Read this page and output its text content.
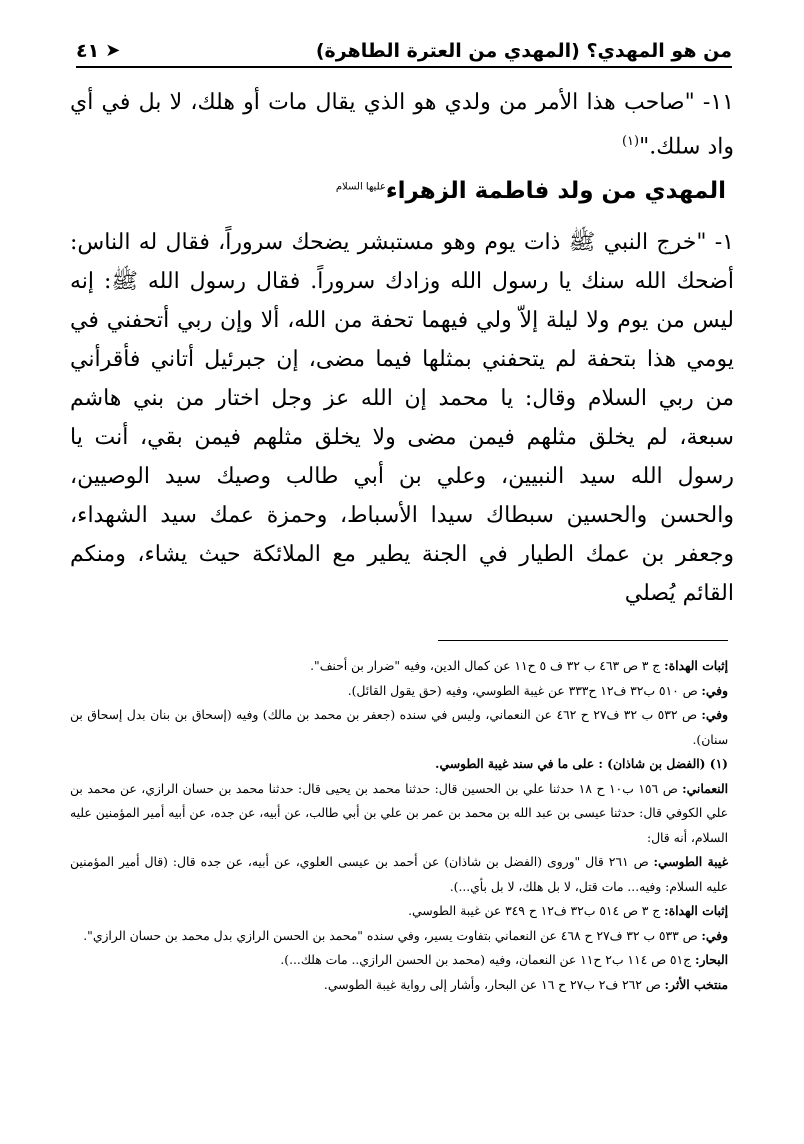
من هو المهدي؟ (المهدي من العترة الطاهرة)
➤
٤١

١١- "صاحب هذا الأمر من ولدي هو الذي يقال مات أو هلك، لا بل في أي واد سلك."$^{(١)}$

المهدي من ولد فاطمة الزهراء$^{عليها السلام}$

١- "خرج النبي ﷺ ذات يوم وهو مستبشر يضحك سروراً، فقال له الناس: أضحك الله سنك يا رسول الله وزادك سروراً. فقال رسول الله ﷺ: إنه ليس من يوم ولا ليلة إلاّ ولي فيهما تحفة من الله، ألا وإن ربي أتحفني في يومي هذا بتحفة لم يتحفني بمثلها فيما مضى، إن جبرئيل أتاني فأقرأني من ربي السلام وقال: يا محمد إن الله عز وجل اختار من بني هاشم سبعة، لم يخلق مثلهم فيمن مضى ولا يخلق مثلهم فيمن بقي، أنت يا رسول الله سيد النبيين، وعلي بن أبي طالب وصيك سيد الوصيين، والحسن والحسين سبطاك سيدا الأسباط، وحمزة عمك سيد الشهداء، وجعفر بن عمك الطيار في الجنة يطير مع الملائكة حيث يشاء، ومنكم القائم يُصلي

إثبات الهداة: ج ٣ ص ٤٦٣ ب ٣٢ ف ٥ ح١١ عن كمال الدين، وفيه "ضرار بن أحنف".

وفي: ص ٥١٠ ب٣٢ ف١٢ ح٣٣٣ عن غيبة الطوسي، وفيه (حق يقول القائل).

وفي: ص ٥٣٢ ب ٣٢ ف٢٧ ح ٤٦٢ عن النعماني، وليس في سنده (جعفر بن محمد بن مالك) وفيه (إسحاق بن بنان بدل إسحاق بن سنان).

(١) (الفضل بن شاذان) : على ما في سند غيبة الطوسي.

النعماني: ص ١٥٦ ب١٠ ح ١٨ حدثنا علي بن الحسين قال: حدثنا محمد بن يحيى قال: حدثنا محمد بن حسان الرازي، عن محمد بن علي الكوفي قال: حدثنا عيسى بن عبد الله بن محمد بن عمر بن علي بن أبي طالب، عن أبيه، عن جده، عن أبيه أمير المؤمنين عليه السلام، أنه قال:

غيبة الطوسي: ص ٢٦١ قال "وروى (الفضل بن شاذان) عن أحمد بن عيسى العلوي، عن أبيه، عن جده قال: (قال أمير المؤمنين عليه السلام: وفيه... مات قتل، لا بل هلك، لا بل بأي...).

إثبات الهداة: ج ٣ ص ٥١٤ ب٣٢ ف١٢ ح ٣٤٩ عن غيبة الطوسي.

وفي: ص ٥٣٣ ب ٣٢ ف٢٧ ح ٤٦٨ عن النعماني بتفاوت يسير، وفي سنده "محمد بن الحسن الرازي بدل محمد بن حسان الرازي".

البحار: ج٥١ ص ١١٤ ب٢ ح١١ عن النعمان، وفيه (محمد بن الحسن الرازي.. مات هلك...).

منتخب الأثر: ص ٢٦٢ ف٢ ب٢٧ ح ١٦ عن البحار، وأشار إلى رواية غيبة الطوسي.
